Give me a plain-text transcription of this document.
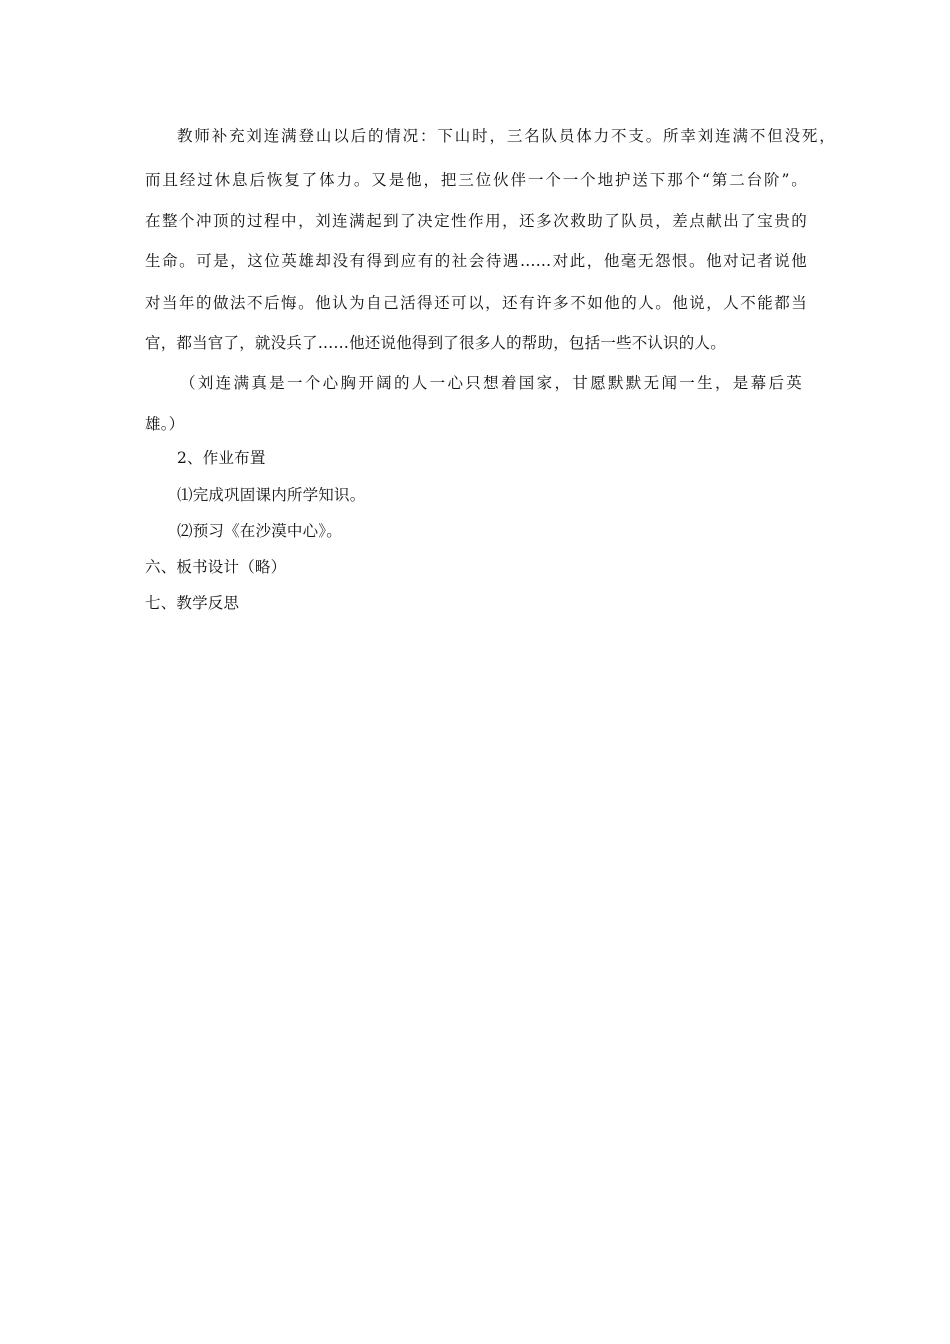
教师补充刘连满登山以后的情况：下山时，三名队员体力不支。所幸刘连满不但没死，
而且经过休息后恢复了体力。又是他，把三位伙伴一个一个地护送下那个“第二台阶”。
在整个冲顶的过程中，刘连满起到了决定性作用，还多次救助了队员，差点献出了宝贵的
生命。可是，这位英雄却没有得到应有的社会待遇……对此，他毫无怨恨。他对记者说他
对当年的做法不后悔。他认为自己活得还可以，还有许多不如他的人。他说，人不能都当
官，都当官了，就没兵了……他还说他得到了很多人的帮助，包括一些不认识的人。
（刘连满真是一个心胸开阔的人一心只想着国家，甘愿默默无闻一生，是幕后英
雄。）
2、作业布置
⑴完成巩固课内所学知识。
⑵预习《在沙漠中心》。
六、板书设计（略）
七、教学反思
